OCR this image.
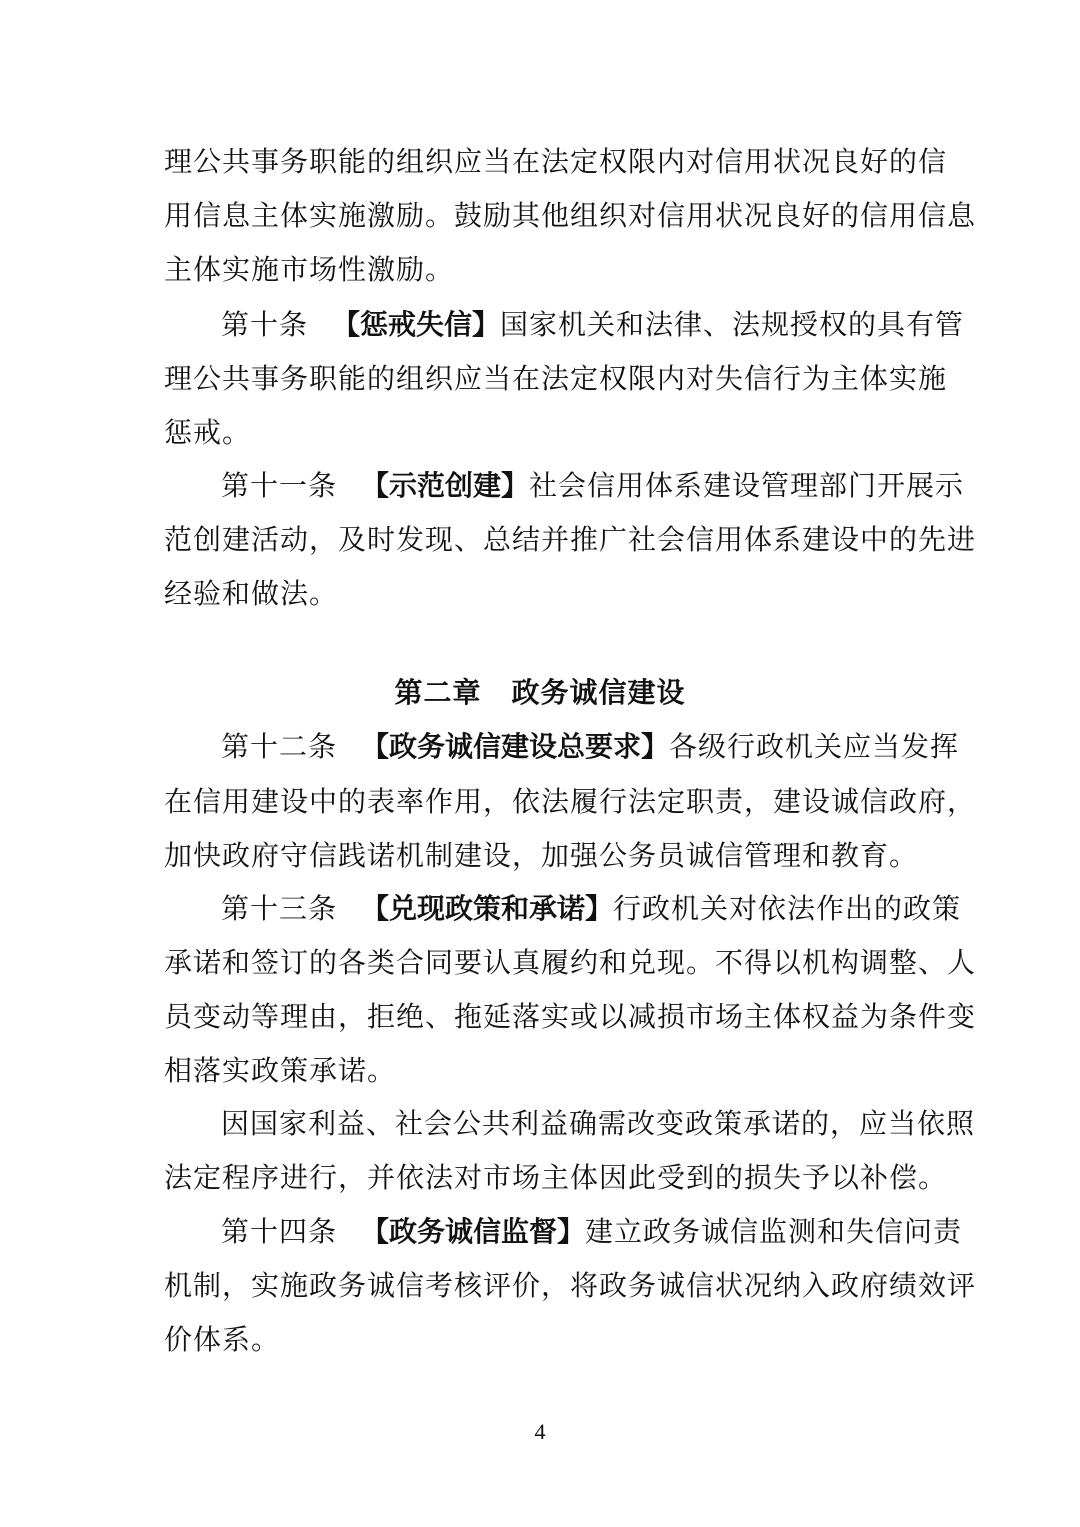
理公共事务职能的组织应当在法定权限内对信用状况良好的信
用信息主体实施激励。鼓励其他组织对信用状况良好的信用信息
主体实施市场性激励。
第十条 【惩戒失信】国家机关和法律、法规授权的具有管
理公共事务职能的组织应当在法定权限内对失信行为主体实施
惩戒。
第十一条 【示范创建】社会信用体系建设管理部门开展示
范创建活动，及时发现、总结并推广社会信用体系建设中的先进
经验和做法。
第二章 政务诚信建设
第十二条 【政务诚信建设总要求】各级行政机关应当发挥
在信用建设中的表率作用，依法履行法定职责，建设诚信政府，
加快政府守信践诺机制建设，加强公务员诚信管理和教育。
第十三条 【兑现政策和承诺】行政机关对依法作出的政策
承诺和签订的各类合同要认真履约和兑现。不得以机构调整、人
员变动等理由，拒绝、拖延落实或以减损市场主体权益为条件变
相落实政策承诺。
因国家利益、社会公共利益确需改变政策承诺的，应当依照
法定程序进行，并依法对市场主体因此受到的损失予以补偿。
第十四条 【政务诚信监督】建立政务诚信监测和失信问责
机制，实施政务诚信考核评价，将政务诚信状况纳入政府绩效评
价体系。
4
